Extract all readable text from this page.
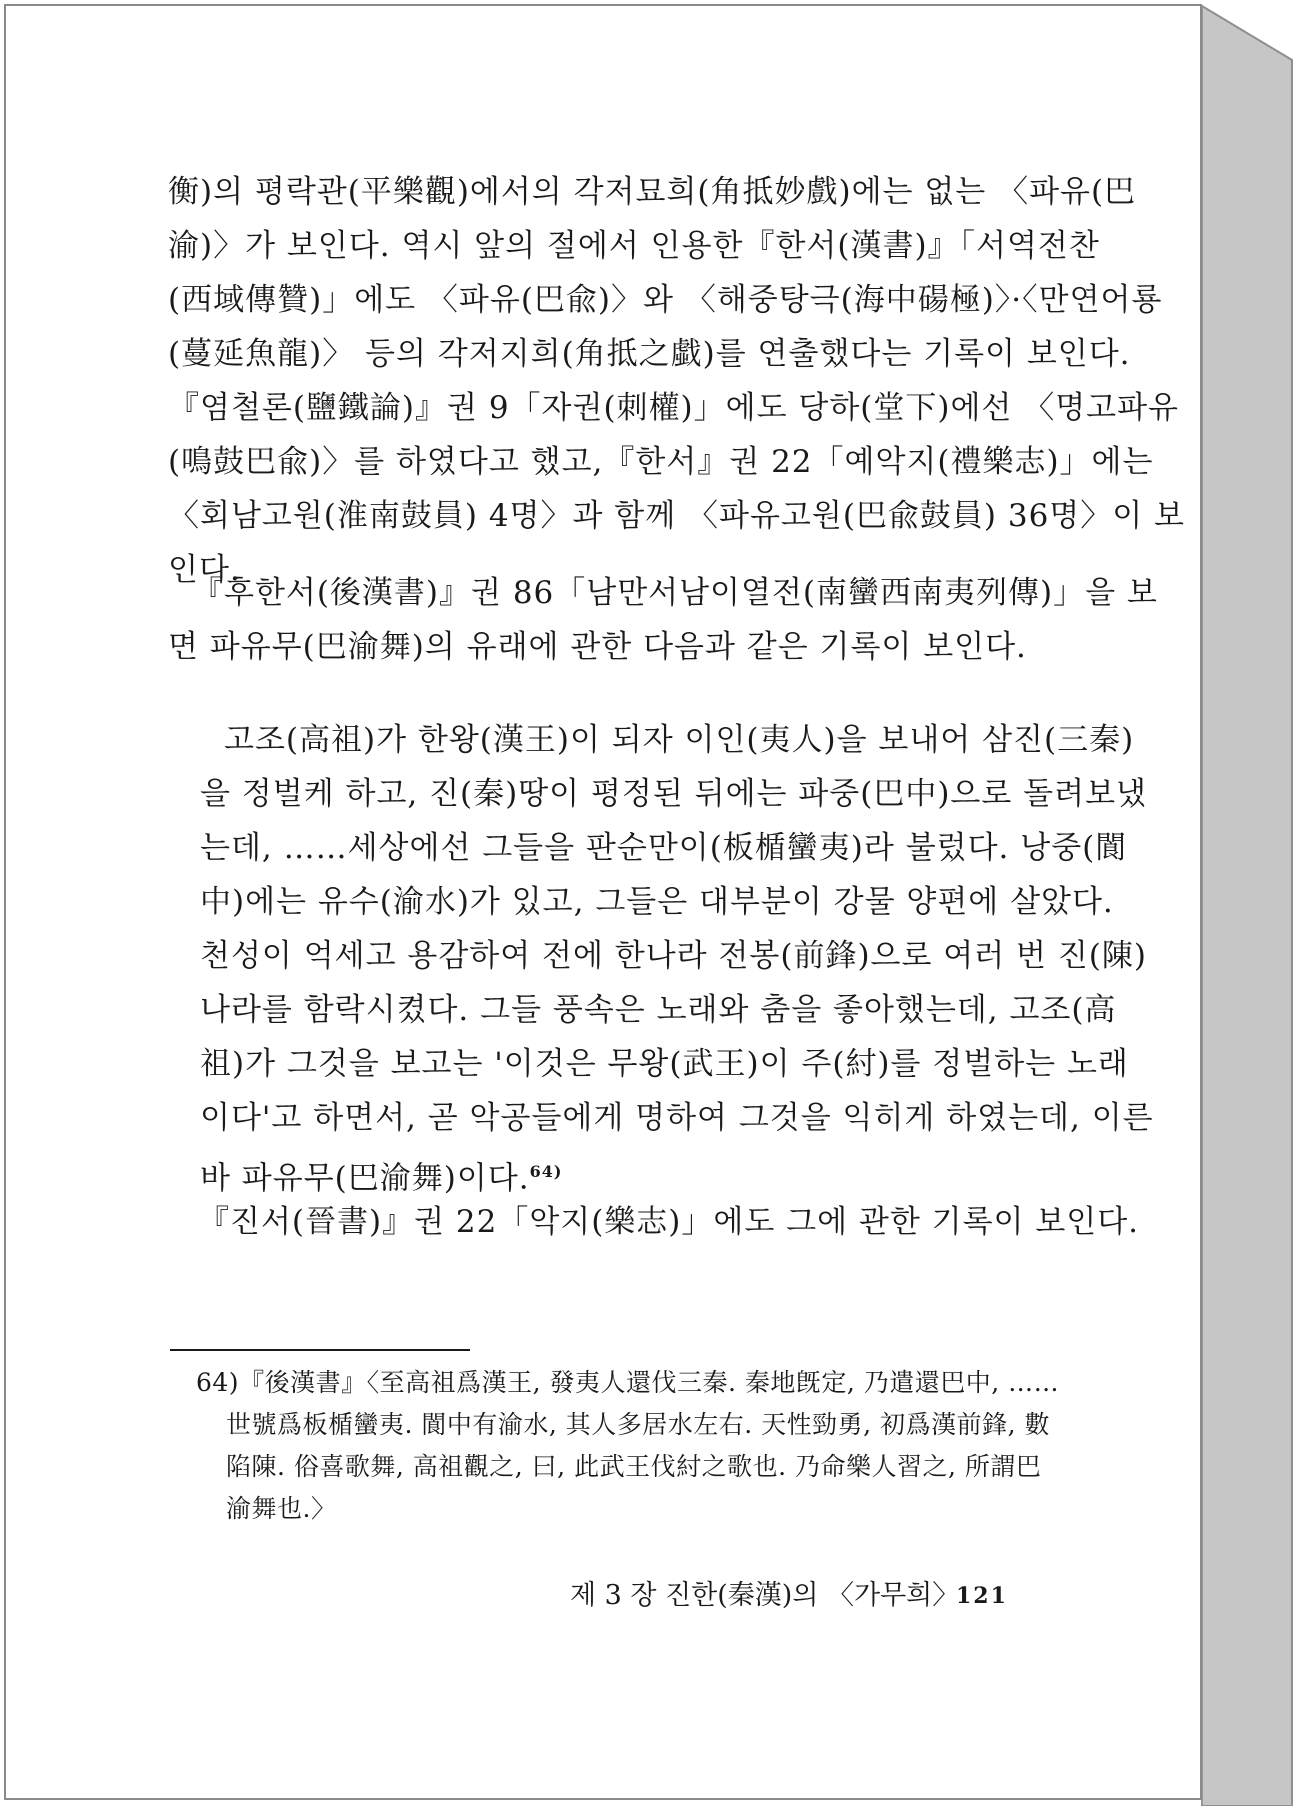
衡)의 평락관(平樂觀)에서의 각저묘희(角抵妙戲)에는 없는 〈파유(巴
渝)〉가 보인다. 역시 앞의 절에서 인용한『한서(漢書)』「서역전찬
(西域傳贊)」에도 〈파유(巴兪)〉와 〈해중탕극(海中碭極)〉·〈만연어룡
(蔓延魚龍)〉 등의 각저지희(角抵之戱)를 연출했다는 기록이 보인다.
『염철론(鹽鐵論)』권 9「자권(刺權)」에도 당하(堂下)에선 〈명고파유
(鳴鼓巴兪)〉를 하였다고 했고,『한서』권 22「예악지(禮樂志)」에는
〈회남고원(淮南鼓員) 4명〉과 함께 〈파유고원(巴兪鼓員) 36명〉이 보
인다.
『후한서(後漢書)』권 86「남만서남이열전(南蠻西南夷列傳)」을 보
면 파유무(巴渝舞)의 유래에 관한 다음과 같은 기록이 보인다.
고조(高祖)가 한왕(漢王)이 되자 이인(夷人)을 보내어 삼진(三秦)
을 정벌케 하고, 진(秦)땅이 평정된 뒤에는 파중(巴中)으로 돌려보냈
는데, ……세상에선 그들을 판순만이(板楯蠻夷)라 불렀다. 낭중(閬
中)에는 유수(渝水)가 있고, 그들은 대부분이 강물 양편에 살았다.
천성이 억세고 용감하여 전에 한나라 전봉(前鋒)으로 여러 번 진(陳)
나라를 함락시켰다. 그들 풍속은 노래와 춤을 좋아했는데, 고조(高
祖)가 그것을 보고는 '이것은 무왕(武王)이 주(紂)를 정벌하는 노래
이다'고 하면서, 곧 악공들에게 명하여 그것을 익히게 하였는데, 이른
바 파유무(巴渝舞)이다.$^{64)}$
『진서(晉書)』권 22「악지(樂志)」에도 그에 관한 기록이 보인다.
64)『後漢書』〈至高祖爲漢王, 發夷人還伐三秦. 秦地旣定, 乃遣還巴中, ……
世號爲板楯蠻夷. 閬中有渝水, 其人多居水左右. 天性勁勇, 初爲漢前鋒, 數
陷陳. 俗喜歌舞, 高祖觀之, 曰, 此武王伐紂之歌也. 乃命樂人習之, 所謂巴
渝舞也.〉
제 3 장 진한(秦漢)의 〈가무희〉
121
